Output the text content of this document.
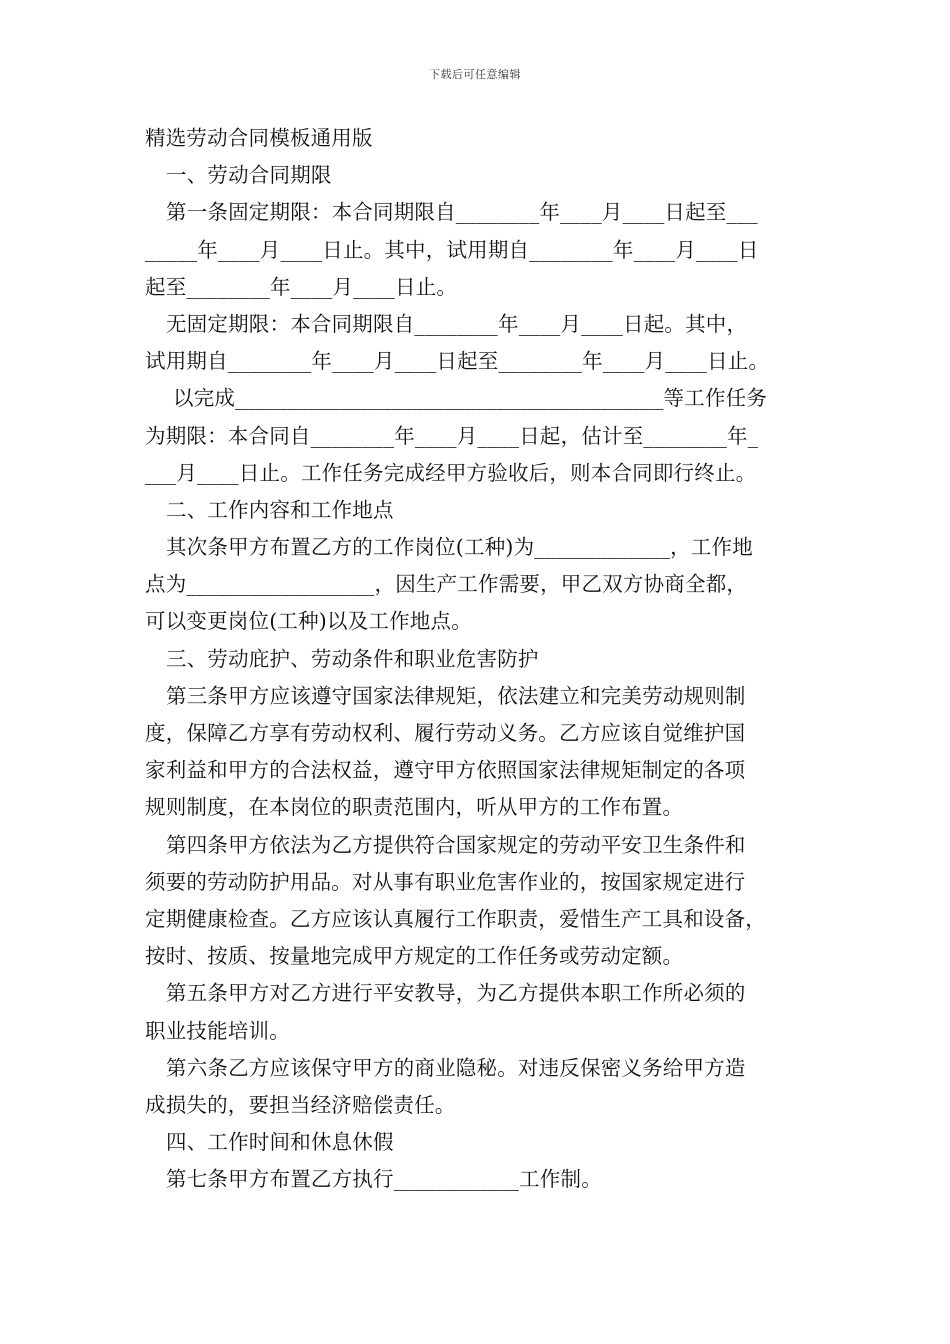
下载后可任意编辑
精选劳动合同模板通用版
一、劳动合同期限
第一条固定期限：本合同期限自________年____月____日起至___
_____年____月____日止。其中，试用期自________年____月____日
起至________年____月____日止。
无固定期限：本合同期限自________年____月____日起。其中，
试用期自________年____月____日起至________年____月____日止。
以完成_________________________________________等工作任务
为期限：本合同自________年____月____日起，估计至________年_
___月____日止。工作任务完成经甲方验收后，则本合同即行终止。
二、工作内容和工作地点
其次条甲方布置乙方的工作岗位(工种)为_____________，工作地
点为__________________，因生产工作需要，甲乙双方协商全都，
可以变更岗位(工种)以及工作地点。
三、劳动庇护、劳动条件和职业危害防护
第三条甲方应该遵守国家法律规矩，依法建立和完美劳动规则制
度，保障乙方享有劳动权利、履行劳动义务。乙方应该自觉维护国
家利益和甲方的合法权益，遵守甲方依照国家法律规矩制定的各项
规则制度，在本岗位的职责范围内，听从甲方的工作布置。
第四条甲方依法为乙方提供符合国家规定的劳动平安卫生条件和
须要的劳动防护用品。对从事有职业危害作业的，按国家规定进行
定期健康检查。乙方应该认真履行工作职责，爱惜生产工具和设备，
按时、按质、按量地完成甲方规定的工作任务或劳动定额。
第五条甲方对乙方进行平安教导，为乙方提供本职工作所必须的
职业技能培训。
第六条乙方应该保守甲方的商业隐秘。对违反保密义务给甲方造
成损失的，要担当经济赔偿责任。
四、工作时间和休息休假
第七条甲方布置乙方执行____________工作制。
